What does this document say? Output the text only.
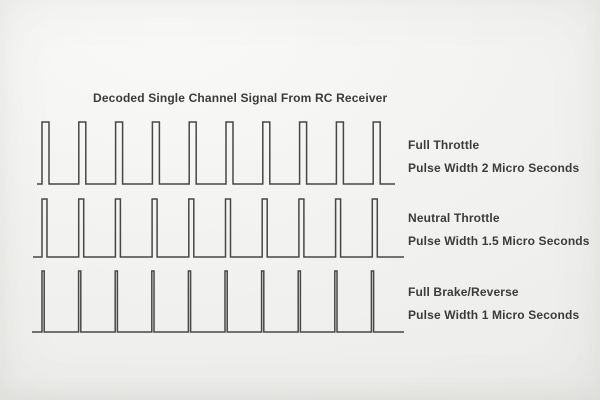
Decoded Single Channel Signal From RC Receiver
Full Throttle
Pulse Width 2 Micro Seconds
Neutral Throttle
Pulse Width 1.5 Micro Seconds
Full Brake/Reverse
Pulse Width 1 Micro Seconds
